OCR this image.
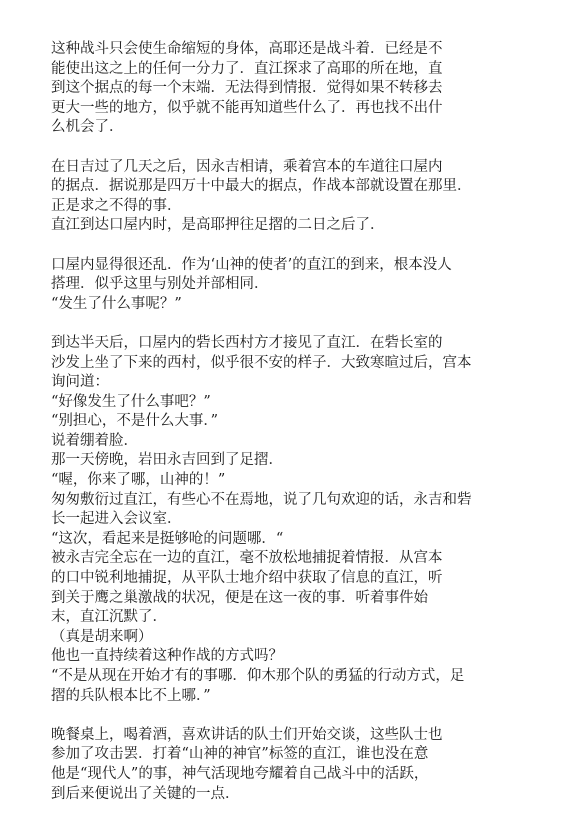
这种战斗只会使生命缩短的身体，高耶还是战斗着．已经是不
能使出这之上的任何一分力了．直江探求了高耶的所在地，直
到这个据点的每一个末端．无法得到情报．觉得如果不转移去
更大一些的地方，似乎就不能再知道些什么了．再也找不出什
么机会了．
在日吉过了几天之后，因永吉相请，乘着宫本的车道往口屋内
的据点．据说那是四万十中最大的据点，作战本部就设置在那里．
正是求之不得的事．
直江到达口屋内时，是高耶押往足摺的二日之后了．
口屋内显得很还乱．作为‘山神的使者’的直江的到来，根本没人
搭理．似乎这里与别处并部相同．
“发生了什么事呢？”
到达半天后，口屋内的砦长西村方才接见了直江．在砦长室的
沙发上坐了下来的西村，似乎很不安的样子．大致寒暄过后，宫本
询问道：
“好像发生了什么事吧？”
“别担心，不是什么大事．”
说着绷着脸．
那一天傍晚，岩田永吉回到了足摺．
“喔，你来了哪，山神的！”
匆匆敷衍过直江，有些心不在焉地，说了几句欢迎的话，永吉和砦
长一起进入会议室．
“这次，看起来是挺够呛的问题哪．“
被永吉完全忘在一边的直江，毫不放松地捕捉着情报．从宫本
的口中锐利地捕捉，从平队士地介绍中获取了信息的直江，听
到关于鹰之巢激战的状况，便是在这一夜的事．听着事件始
末，直江沉默了．
（真是胡来啊）
他也一直持续着这种作战的方式吗？
“不是从现在开始才有的事哪．仰木那个队的勇猛的行动方式，足
摺的兵队根本比不上哪．”
晚餐桌上，喝着酒，喜欢讲话的队士们开始交谈，这些队士也
参加了攻击罢．打着“山神的神官”标签的直江，谁也没在意
他是“现代人”的事，神气活现地夸耀着自己战斗中的活跃，
到后来便说出了关键的一点．
